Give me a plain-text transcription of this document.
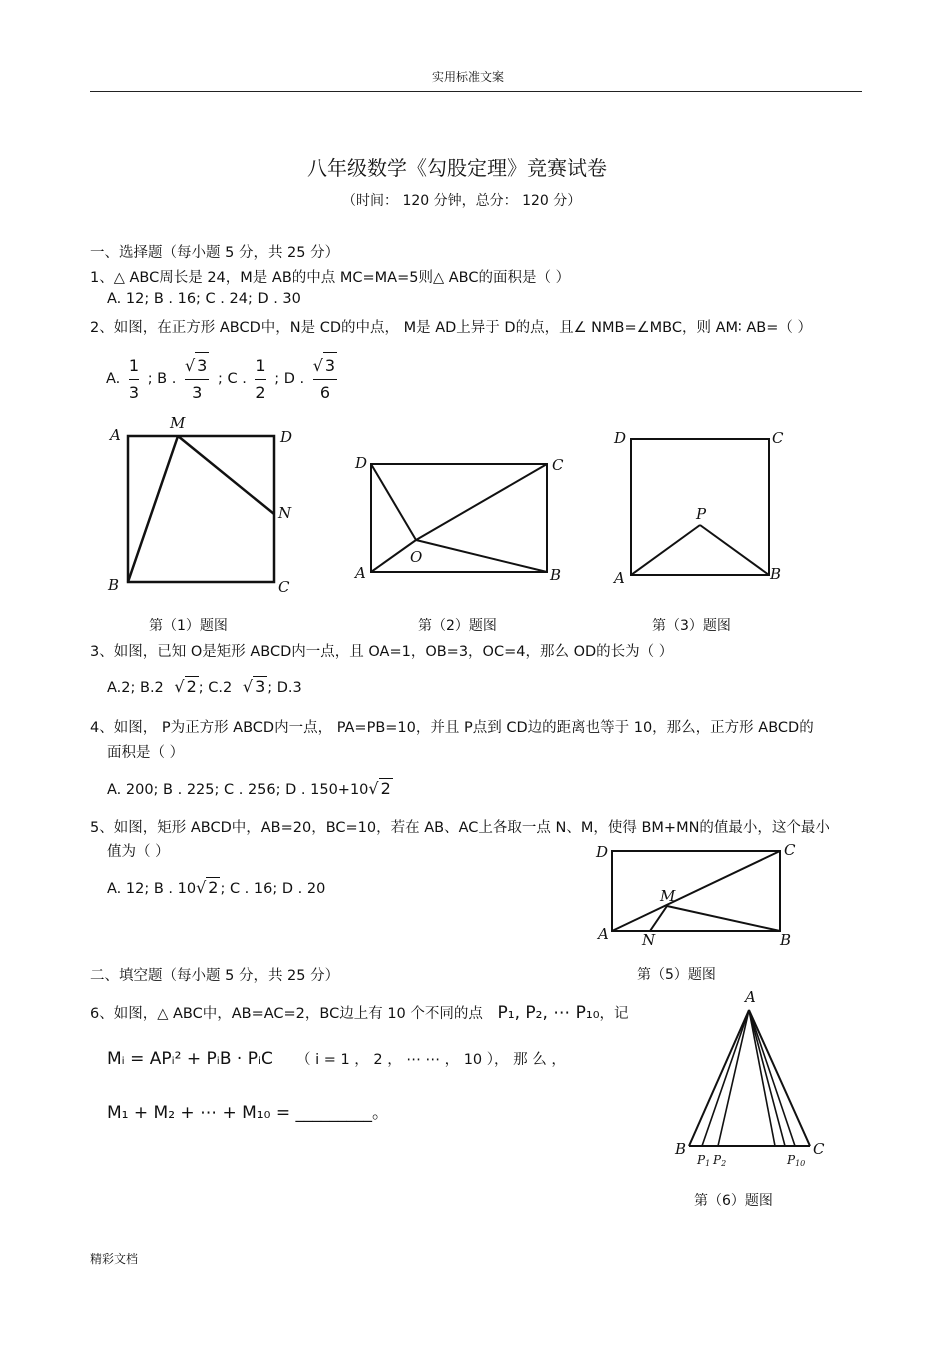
实用标准文案
八年级数学《勾股定理》竞赛试卷
（时间： 120 分钟，总分： 120 分）
一、选择题（每小题 5 分，共 25 分）
1、△ ABC周长是 24，M是 AB的中点 MC=MA=5则△ ABC的面积是（ ）
A. 12; B . 16; C . 24; D . 30
2、如图，在正方形 ABCD中，N是 CD的中点， M是 AD上异于 D的点，且∠ NMB=∠MBC，则 AM∶ AB=（ ）
A. $\frac{1}{3}$ ; B . $\frac{√ 3}{3}$ ; C . $\frac{1}{2}$ ; D . $\frac{√ 3}{6}$
A
M
D
N
B	C
D	C
O
A	B
D	C
P
A	B
第（1）题图	第（2）题图	第（3）题图
3、如图，已知 O是矩形 ABCD内一点，且 OA=1，OB=3，OC=4，那么 OD的长为（ ）
A.2; B.2 √ 2 ; C.2 √ 3 ; D.3
4、如图， P为正方形 ABCD内一点， PA=PB=10，并且 P点到 CD边的距离也等于 10，那么，正方形 ABCD的
面积是（ ）
A. 200; B . 225; C . 256; D . 150+10√ 2
5、如图，矩形 ABCD中，AB=20，BC=10，若在 AB、AC上各取一点 N、M，使得 BM+MN的值最小，这个最小
值为（ ）
A. 12; B . 10√ 2 ; C . 16; D . 20
D	C
M
A N	B
二、填空题（每小题 5 分，共 25 分）	第（5）题图
6、如图，△ ABC中，AB=AC=2，BC边上有 10 个不同的点 P₁, P₂, ⋯ P₁₀，记
Mᵢ = APᵢ² + PᵢB · PᵢC （ i = 1 ， 2 ， ⋯ ⋯ ， 10 ）， 那 么 ，
M₁ + M₂ + ⋯ + M₁₀ = _________。
A
B
P1 P2	P10
C
第（6）题图
精彩文档
